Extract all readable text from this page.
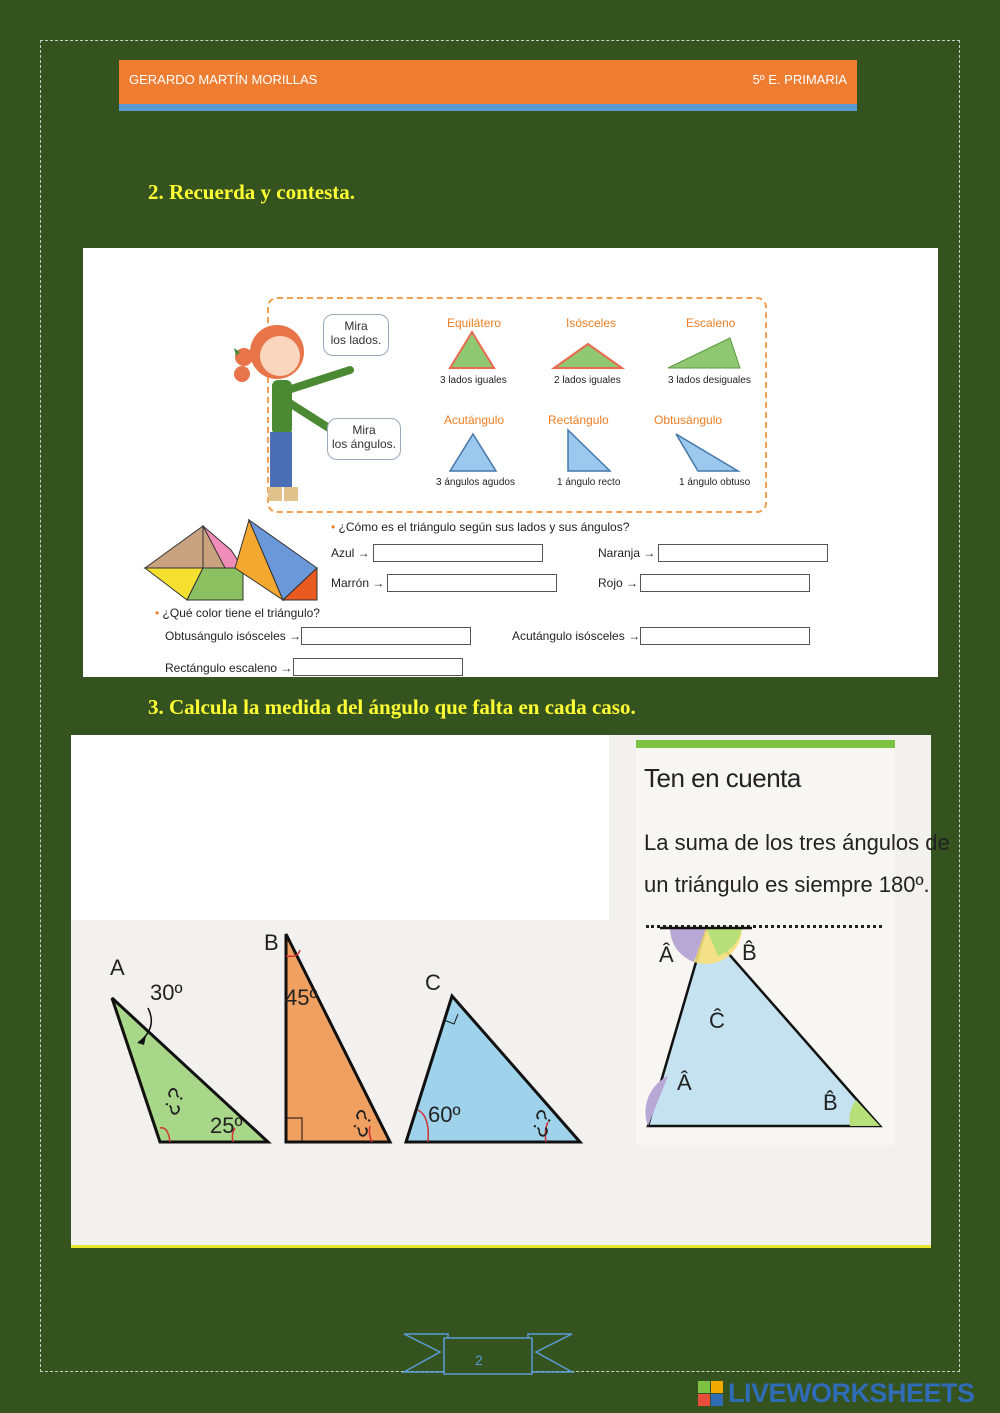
GERARDO MARTÍN MORILLAS	5º E. PRIMARIA
2. Recuerda y contesta.
Mira
los lados.
Mira
los ángulos.
Equilátero	Isósceles	Escaleno
3 lados iguales	2 lados iguales	3 lados desiguales
Acutángulo	Rectángulo	Obtusángulo
3 ángulos agudos	1 ángulo recto	1 ángulo obtuso
• ¿Cómo es el triángulo según sus lados y sus ángulos?
Azul →	Naranja →
Marrón →	Rojo →
• ¿Qué color tiene el triángulo?
Obtusángulo isósceles →	Acutángulo isósceles →
Rectángulo escaleno →
3. Calcula la medida del ángulo que falta en cada caso.
A
30º
¿?
25º
B
45º
¿?
C
60º	¿?
Ten en cuenta
La suma de los tres ángulos de
un triángulo es siempre 180º.
Â	B̂
Ĉ
Â
B̂
2
LIVEWORKSHEETS
